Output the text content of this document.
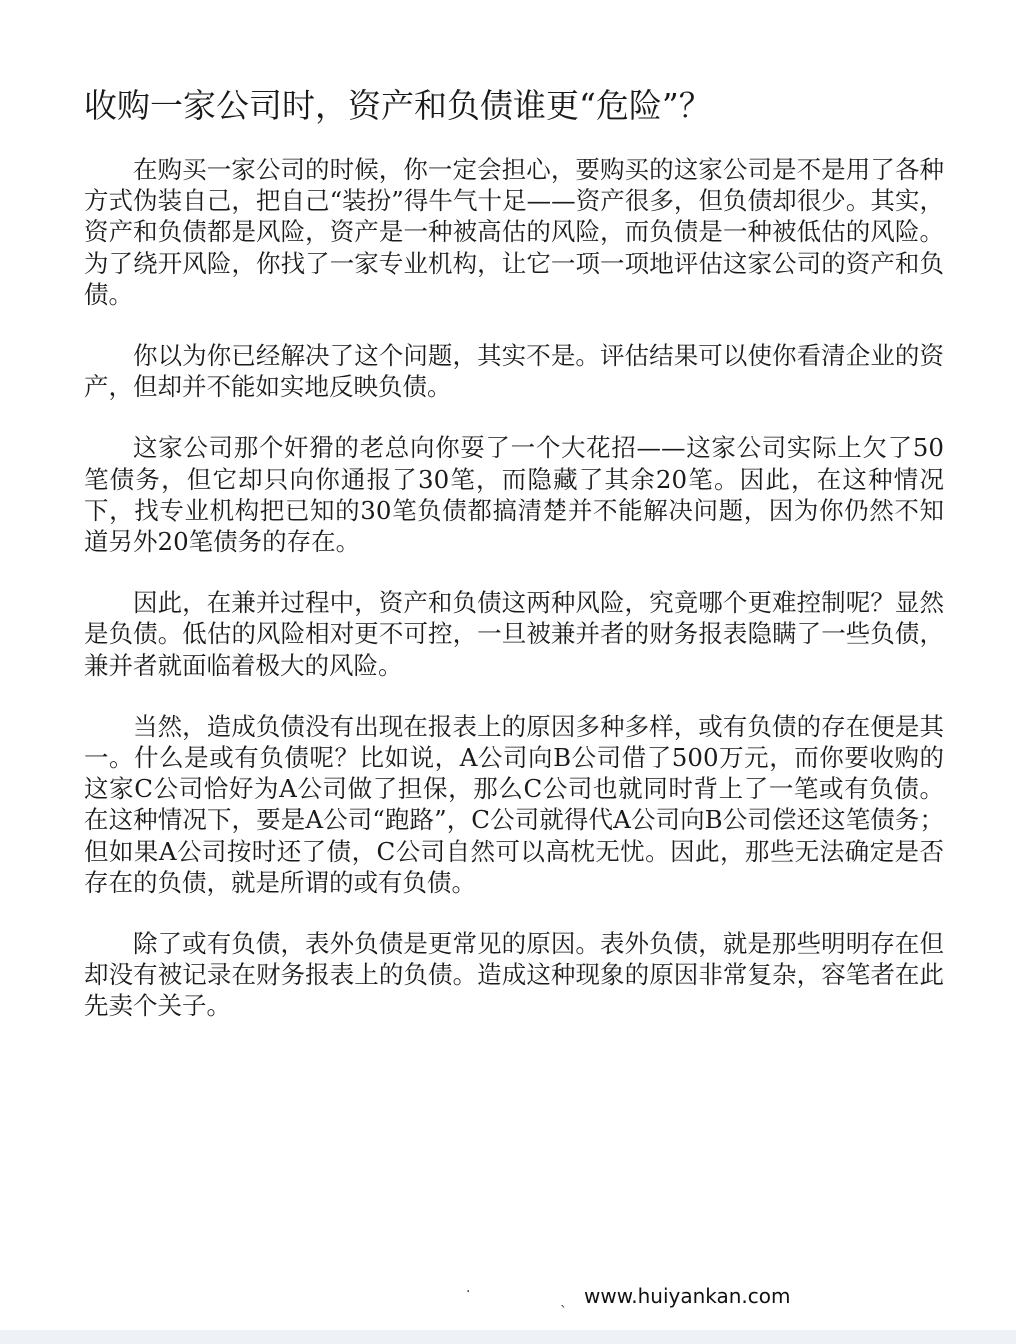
收购一家公司时，资产和负债谁更“危险”？

在购买一家公司的时候，你一定会担心，要购买的这家公司是不是用了各种方式伪装自己，把自己“装扮”得牛气十足——资产很多，但负债却很少。其实，资产和负债都是风险，资产是一种被高估的风险，而负债是一种被低估的风险。为了绕开风险，你找了一家专业机构，让它一项一项地评估这家公司的资产和负债。

你以为你已经解决了这个问题，其实不是。评估结果可以使你看清企业的资产，但却并不能如实地反映负债。

这家公司那个奸猾的老总向你耍了一个大花招——这家公司实际上欠了50笔债务，但它却只向你通报了30笔，而隐藏了其余20笔。因此，在这种情况下，找专业机构把已知的30笔负债都搞清楚并不能解决问题，因为你仍然不知道另外20笔债务的存在。

因此，在兼并过程中，资产和负债这两种风险，究竟哪个更难控制呢？显然是负债。低估的风险相对更不可控，一旦被兼并者的财务报表隐瞒了一些负债，兼并者就面临着极大的风险。

当然，造成负债没有出现在报表上的原因多种多样，或有负债的存在便是其一。什么是或有负债呢？比如说，A公司向B公司借了500万元，而你要收购的这家C公司恰好为A公司做了担保，那么C公司也就同时背上了一笔或有负债。在这种情况下，要是A公司“跑路”，C公司就得代A公司向B公司偿还这笔债务；但如果A公司按时还了债，C公司自然可以高枕无忧。因此，那些无法确定是否存在的负债，就是所谓的或有负债。

除了或有负债，表外负债是更常见的原因。表外负债，就是那些明明存在但却没有被记录在财务报表上的负债。造成这种现象的原因非常复杂，容笔者在此先卖个关子。

·	ˎ www.huiyankan.com
